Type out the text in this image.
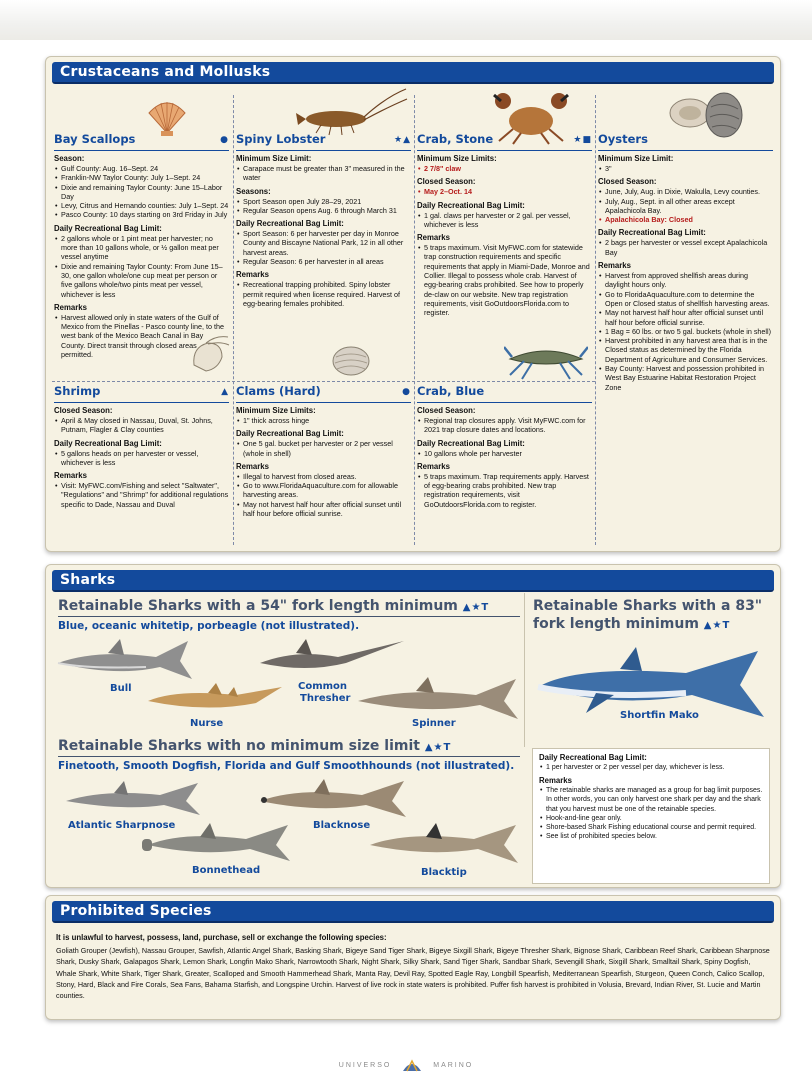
Crustaceans and Mollusks
Bay Scallops	●
Season:
• Gulf County: Aug. 16–Sept. 24
• Franklin-NW Taylor County: July 1–Sept. 24
• Dixie and remaining Taylor County: June 15–Labor Day
• Levy, Citrus and Hernando counties: July 1–Sept. 24
• Pasco County: 10 days starting on 3rd Friday in July
Daily Recreational Bag Limit:
• 2 gallons whole or 1 pint meat per harvester; no more than 10 gallons whole, or ½ gallon meat per vessel anytime
• Dixie and remaining Taylor County: From June 15–30, one gallon whole/one cup meat per person or five gallons whole/two pints meat per vessel, whichever is less
Remarks
• Harvest allowed only in state waters of the Gulf of Mexico from the Pinellas - Pasco county line, to the west bank of the Mexico Beach Canal in Bay County. Direct transit through closed areas permitted.
Spiny Lobster	★▲
Minimum Size Limit:
• Carapace must be greater than 3" measured in the water
Seasons:
• Sport Season open July 28–29, 2021
• Regular Season opens Aug. 6 through March 31
Daily Recreational Bag Limit:
• Sport Season: 6 per harvester per day in Monroe County and Biscayne National Park, 12 in all other harvest areas.
• Regular Season: 6 per harvester in all areas
Remarks
• Recreational trapping prohibited. Spiny lobster permit required when license required. Harvest of egg-bearing females prohibited.
Crab, Stone	★■
Minimum Size Limits:
• 2 7/8" claw
Closed Season:
• May 2–Oct. 14
Daily Recreational Bag Limit:
• 1 gal. claws per harvester or 2 gal. per vessel, whichever is less
Remarks
• 5 traps maximum. Visit MyFWC.com for statewide trap construction requirements and specific requirements that apply in Miami-Dade, Monroe and Collier. Illegal to possess whole crab. Harvest of egg-bearing crabs prohibited. See how to properly de-claw on our website. New trap registration requirements, visit GoOutdoorsFlorida.com to register.
Oysters
Minimum Size Limit:
• 3"
Closed Season:
• June, July, Aug. in Dixie, Wakulla, Levy counties.
• July, Aug., Sept. in all other areas except Apalachicola Bay.
• Apalachicola Bay: Closed
Daily Recreational Bag Limit:
• 2 bags per harvester or vessel except Apalachicola Bay
Remarks
• Harvest from approved shellfish areas during daylight hours only.
• Go to FloridaAquaculture.com to determine the Open or Closed status of shellfish harvesting areas.
• May not harvest half hour after official sunset until half hour before official sunrise.
• 1 Bag = 60 lbs. or two 5 gal. buckets (whole in shell)
• Harvest prohibited in any harvest area that is in the Closed status as determined by the Florida Department of Agriculture and Consumer Services.
• Bay County: Harvest and possession prohibited in West Bay Estuarine Habitat Restoration Project Zone
Shrimp	▲
Closed Season:
• April & May closed in Nassau, Duval, St. Johns, Putnam, Flagler & Clay counties
Daily Recreational Bag Limit:
• 5 gallons heads on per harvester or vessel, whichever is less
Remarks
• Visit: MyFWC.com/Fishing and select "Saltwater", "Regulations" and "Shrimp" for additional regulations specific to Dade, Nassau and Duval
Clams (Hard)	●
Minimum Size Limits:
• 1" thick across hinge
Daily Recreational Bag Limit:
• One 5 gal. bucket per harvester or 2 per vessel (whole in shell)
Remarks
• Illegal to harvest from closed areas.
• Go to www.FloridaAquaculture.com for allowable harvesting areas.
• May not harvest half hour after official sunset until half hour before official sunrise.
Crab, Blue
Closed Season:
• Regional trap closures apply. Visit MyFWC.com for 2021 trap closure dates and locations.
Daily Recreational Bag Limit:
• 10 gallons whole per harvester
Remarks
• 5 traps maximum. Trap requirements apply. Harvest of egg-bearing crabs prohibited. New trap registration requirements, visit GoOutdoorsFlorida.com to register.
Sharks
Retainable Sharks with a 54" fork length minimum ▲★T
Blue, oceanic whitetip, porbeagle (not illustrated).
Retainable Sharks with a 83"
fork length minimum ▲★T
Bull	Common
Thresher
Nurse	Spinner
Shortfin Mako
Retainable Sharks with no minimum size limit ▲★T
Finetooth, Smooth Dogfish, Florida and Gulf Smoothhounds (not illustrated).
Atlantic Sharpnose	Blacknose
Bonnethead	Blacktip
Daily Recreational Bag Limit:
• 1 per harvester or 2 per vessel per day, whichever is less.
Remarks
• The retainable sharks are managed as a group for bag limit purposes. In other words, you can only harvest one shark per day and the shark that you harvest must be one of the retainable species.
• Hook-and-line gear only.
• Shore-based Shark Fishing educational course and permit required.
• See list of prohibited species below.
Prohibited Species
It is unlawful to harvest, possess, land, purchase, sell or exchange the following species:
Goliath Grouper (Jewfish), Nassau Grouper, Sawfish, Atlantic Angel Shark, Basking Shark, Bigeye Sand Tiger Shark, Bigeye Sixgill Shark, Bigeye Thresher Shark, Bignose Shark, Caribbean Reef Shark, Caribbean Sharpnose Shark, Dusky Shark, Galapagos Shark, Lemon Shark, Longfin Mako Shark, Narrowtooth Shark, Night Shark, Silky Shark, Sand Tiger Shark, Sandbar Shark, Sevengill Shark, Sixgill Shark, Smalltail Shark, Spiny Dogfish, Whale Shark, White Shark, Tiger Shark, Greater, Scalloped and Smooth Hammerhead Shark, Manta Ray, Devil Ray, Spotted Eagle Ray, Longbill Spearfish, Mediterranean Spearfish, Sturgeon, Queen Conch, Calico Scallop, Stony, Hard, Black and Fire Corals, Sea Fans, Bahama Starfish, and Longspine Urchin. Harvest of live rock in state waters is prohibited. Puffer fish harvest is prohibited in Volusia, Brevard, Indian River, St. Lucie and Martin counties.
UNIVERSO	MARINO
